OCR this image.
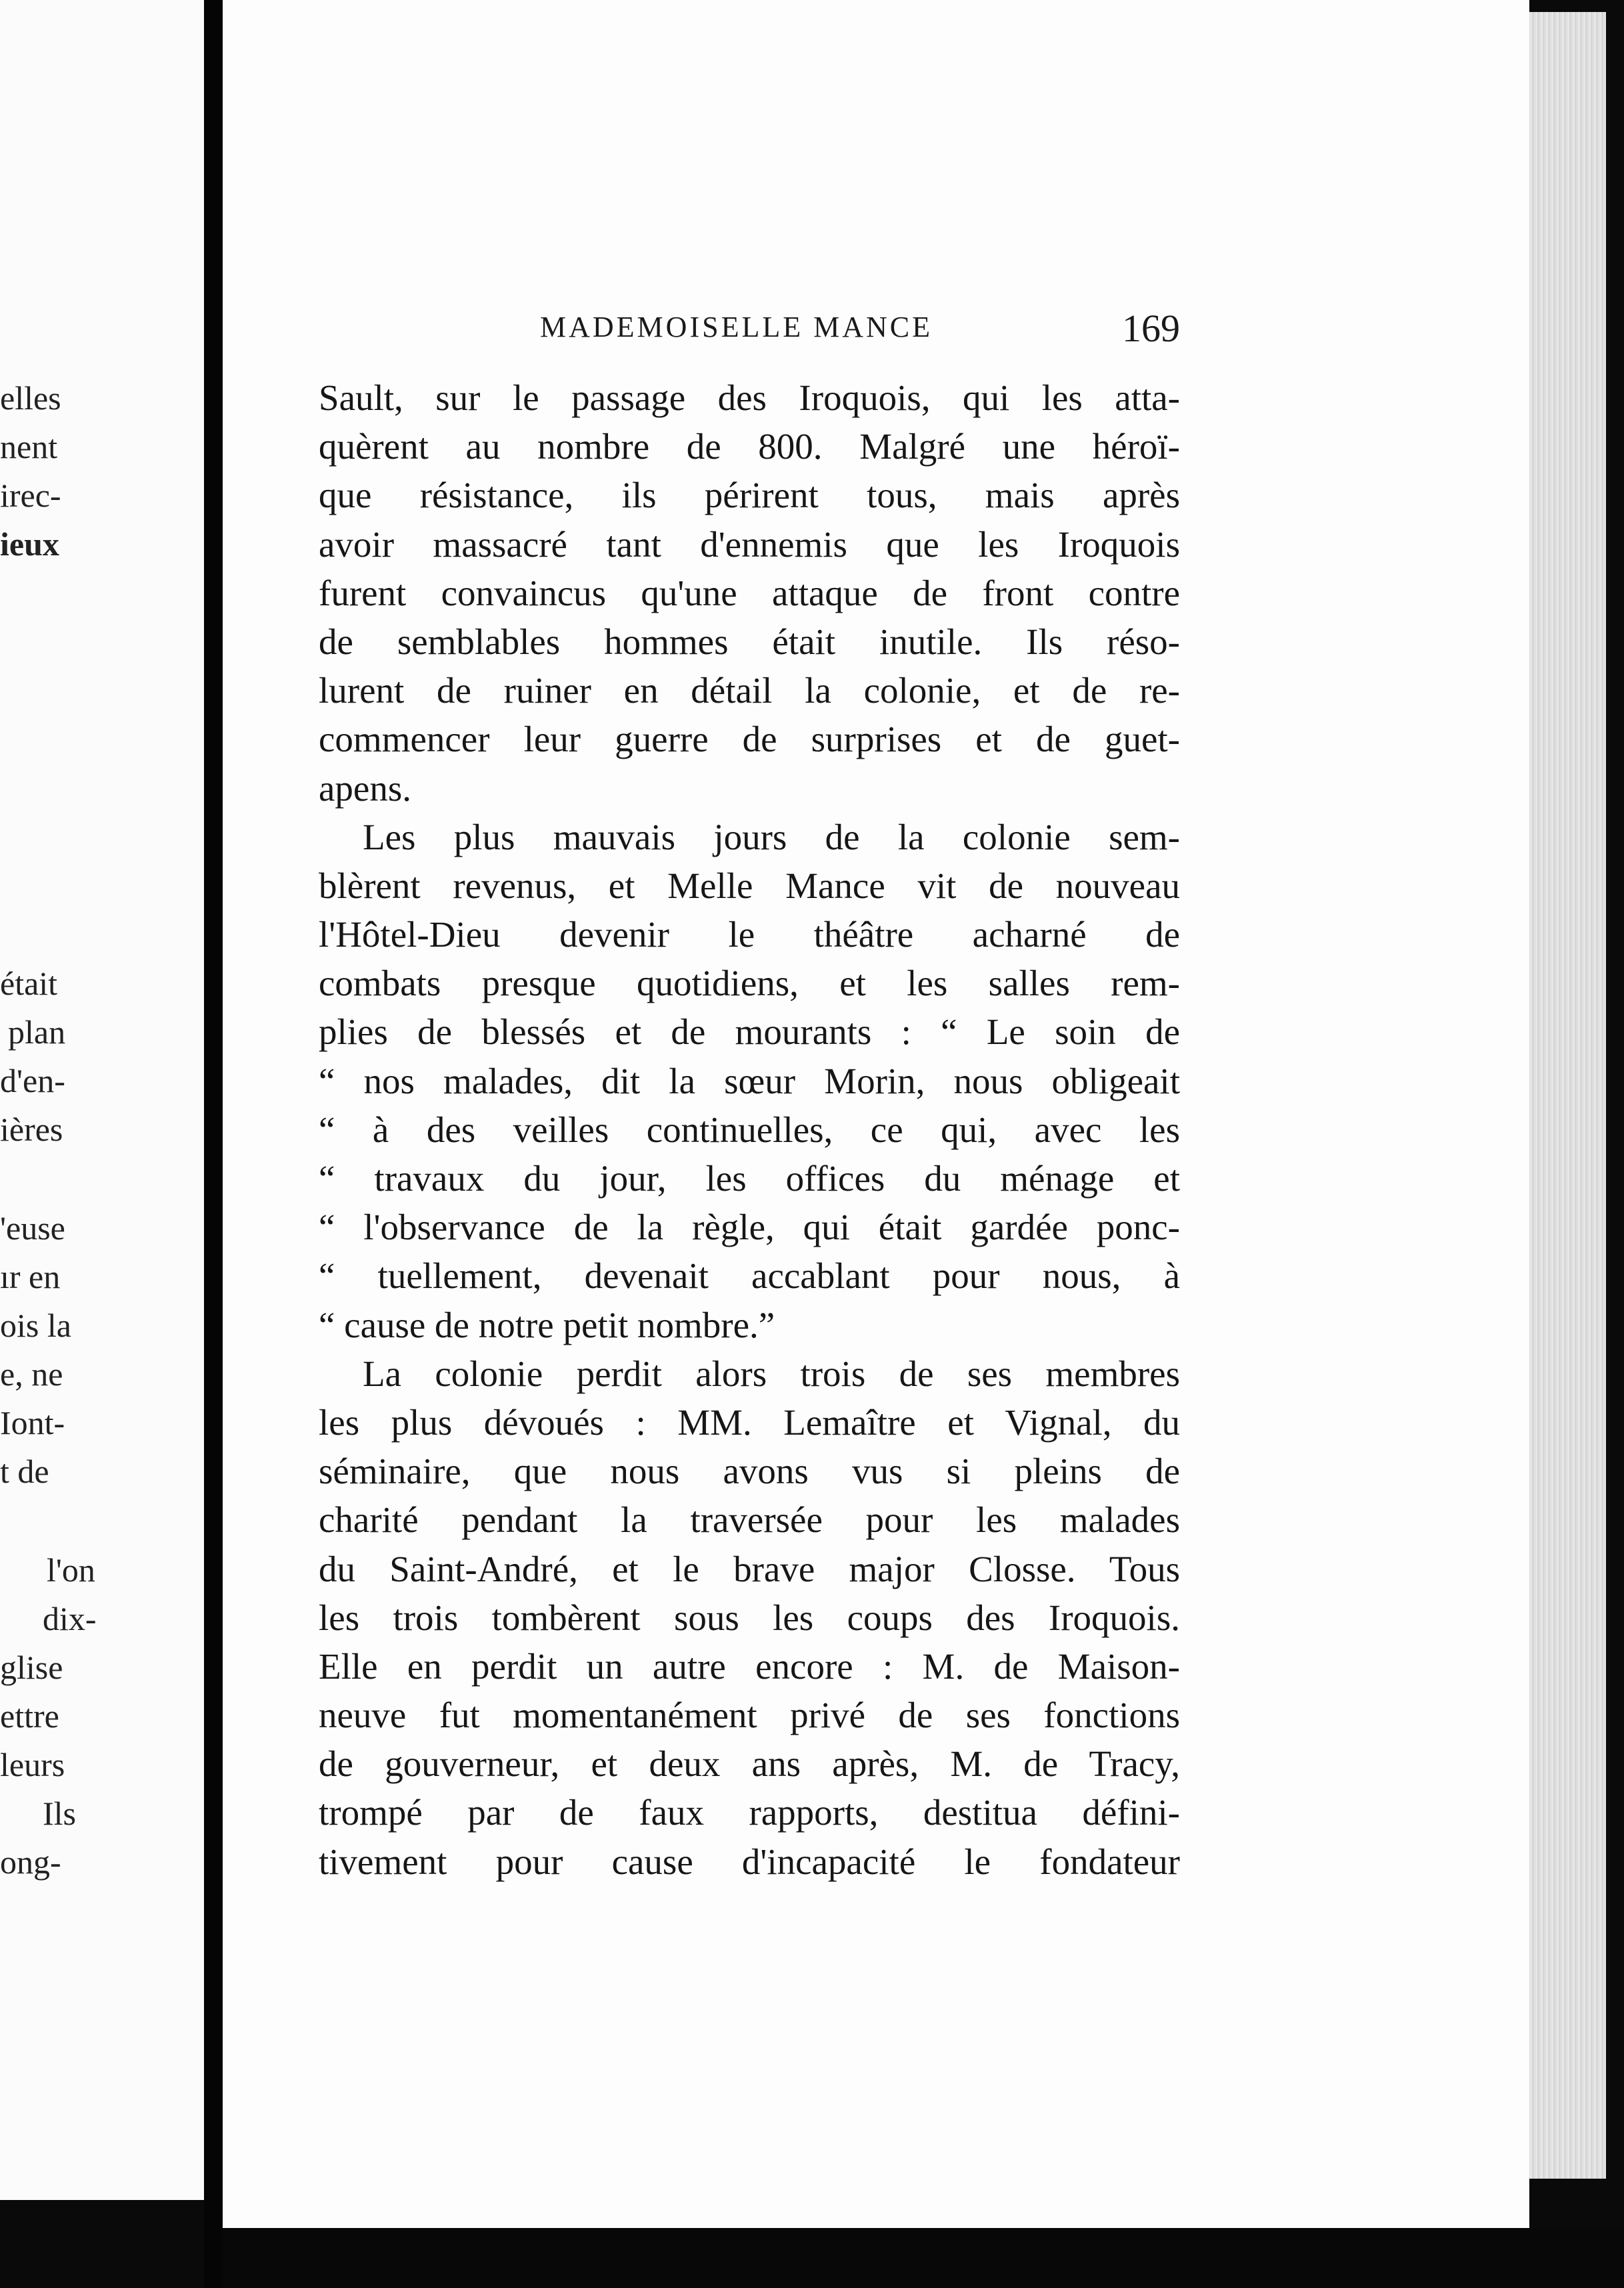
elles
nent
irec-
ieux
était
plan
d'en-
ières
'euse
ır en
ois la
e, ne
Iont-
t de
l'on
dix-
glise
ettre
leurs
Ils
ong-
MADEMOISELLE MANCE	169
Sault, sur le passage des Iroquois, qui les atta-
quèrent au nombre de 800. Malgré une héroï-
que résistance, ils périrent tous, mais après
avoir massacré tant d'ennemis que les Iroquois
furent convaincus qu'une attaque de front contre
de semblables hommes était inutile. Ils réso-
lurent de ruiner en détail la colonie, et de re-
commencer leur guerre de surprises et de guet-
apens.
Les plus mauvais jours de la colonie sem-
blèrent revenus, et Melle Mance vit de nouveau
l'Hôtel-Dieu devenir le théâtre acharné de
combats presque quotidiens, et les salles rem-
plies de blessés et de mourants : “ Le soin de
“ nos malades, dit la sœur Morin, nous obligeait
“ à des veilles continuelles, ce qui, avec les
“ travaux du jour, les offices du ménage et
“ l'observance de la règle, qui était gardée ponc-
“ tuellement, devenait accablant pour nous, à
“ cause de notre petit nombre.”
La colonie perdit alors trois de ses membres
les plus dévoués : MM. Lemaître et Vignal, du
séminaire, que nous avons vus si pleins de
charité pendant la traversée pour les malades
du Saint-André, et le brave major Closse. Tous
les trois tombèrent sous les coups des Iroquois.
Elle en perdit un autre encore : M. de Maison-
neuve fut momentanément privé de ses fonctions
de gouverneur, et deux ans après, M. de Tracy,
trompé par de faux rapports, destitua défini-
tivement pour cause d'incapacité le fondateur
